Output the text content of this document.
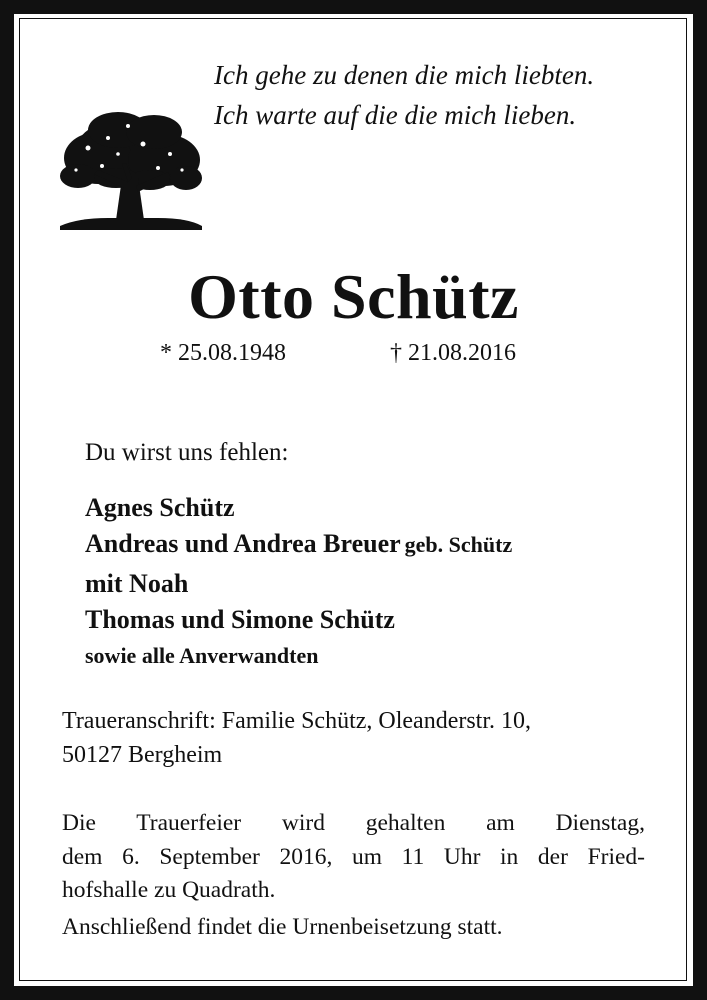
Ich gehe zu denen die mich liebten.

Ich warte auf die die mich lieben.

Otto Schütz
* 25.08.1948	† 21.08.2016

Du wirst uns fehlen:

Agnes Schütz
Andreas und Andrea Breuer geb. Schütz
mit Noah
Thomas und Simone Schütz
sowie alle Anverwandten

Traueranschrift: Familie Schütz, Oleanderstr. 10,

50127 Bergheim

Die Trauerfeier wird gehalten am Dienstag,

dem 6. September 2016, um 11 Uhr in der Fried-

hofshalle zu Quadrath.

Anschließend findet die Urnenbeisetzung statt.
